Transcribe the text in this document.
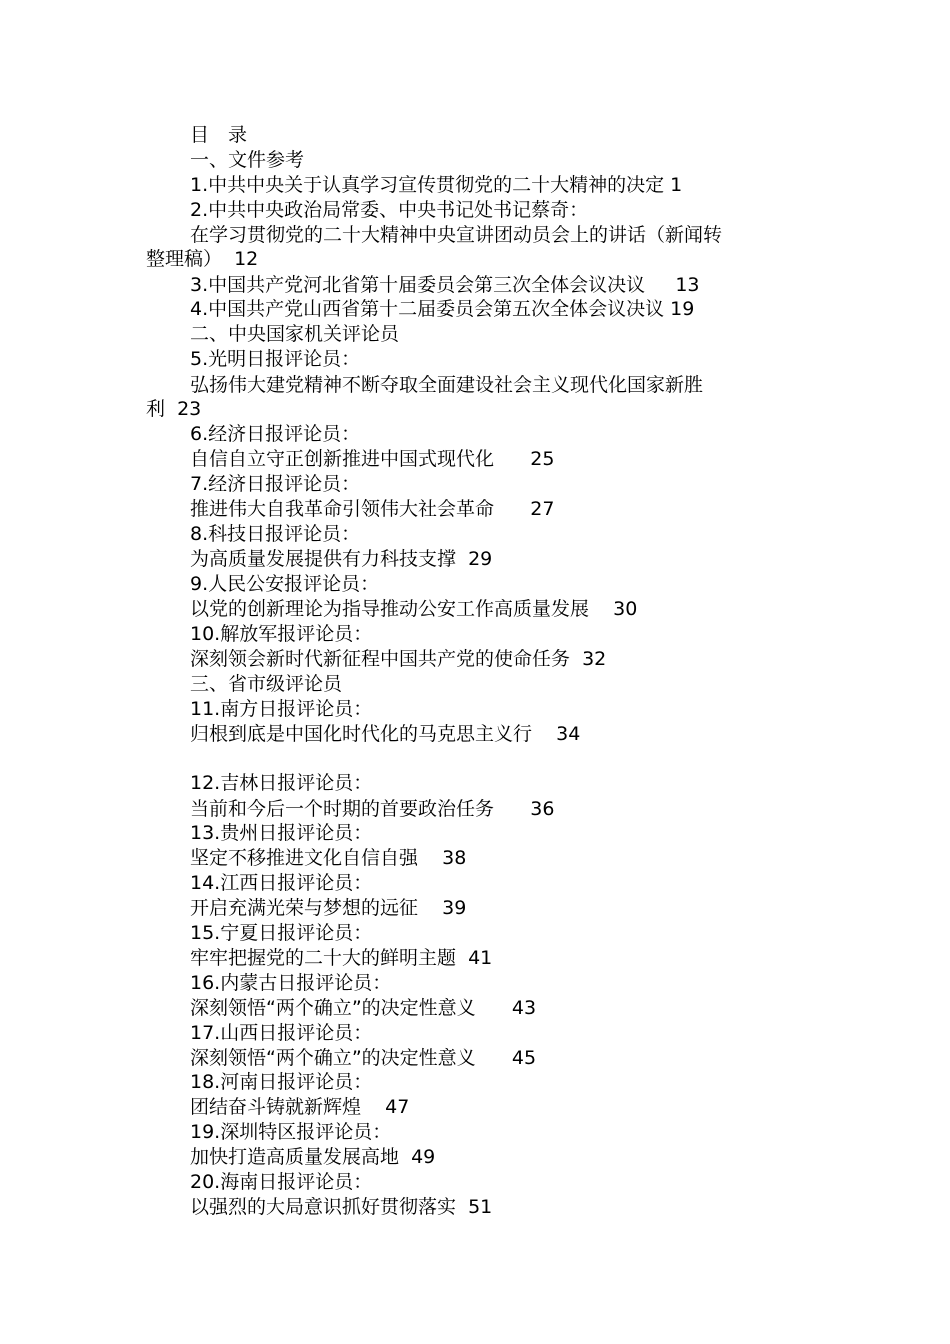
目　录
一、文件参考
1.中共中央关于认真学习宣传贯彻党的二十大精神的决定 1
2.中共中央政治局常委、中央书记处书记蔡奇：
在学习贯彻党的二十大精神中央宣讲团动员会上的讲话（新闻转
整理稿）  12
3.中国共产党河北省第十届委员会第三次全体会议决议     13
4.中国共产党山西省第十二届委员会第五次全体会议决议 19
二、中央国家机关评论员
5.光明日报评论员：
弘扬伟大建党精神不断夺取全面建设社会主义现代化国家新胜
利  23
6.经济日报评论员：
自信自立守正创新推进中国式现代化      25
7.经济日报评论员：
推进伟大自我革命引领伟大社会革命      27
8.科技日报评论员：
为高质量发展提供有力科技支撑  29
9.人民公安报评论员：
以党的创新理论为指导推动公安工作高质量发展    30
10.解放军报评论员：
深刻领会新时代新征程中国共产党的使命任务  32
三、省市级评论员
11.南方日报评论员：
归根到底是中国化时代化的马克思主义行    34
12.吉林日报评论员：
当前和今后一个时期的首要政治任务      36
13.贵州日报评论员：
坚定不移推进文化自信自强    38
14.江西日报评论员：
开启充满光荣与梦想的远征    39
15.宁夏日报评论员：
牢牢把握党的二十大的鲜明主题  41
16.内蒙古日报评论员：
深刻领悟“两个确立”的决定性意义      43
17.山西日报评论员：
深刻领悟“两个确立”的决定性意义      45
18.河南日报评论员：
团结奋斗铸就新辉煌    47
19.深圳特区报评论员：
加快打造高质量发展高地  49
20.海南日报评论员：
以强烈的大局意识抓好贯彻落实  51
